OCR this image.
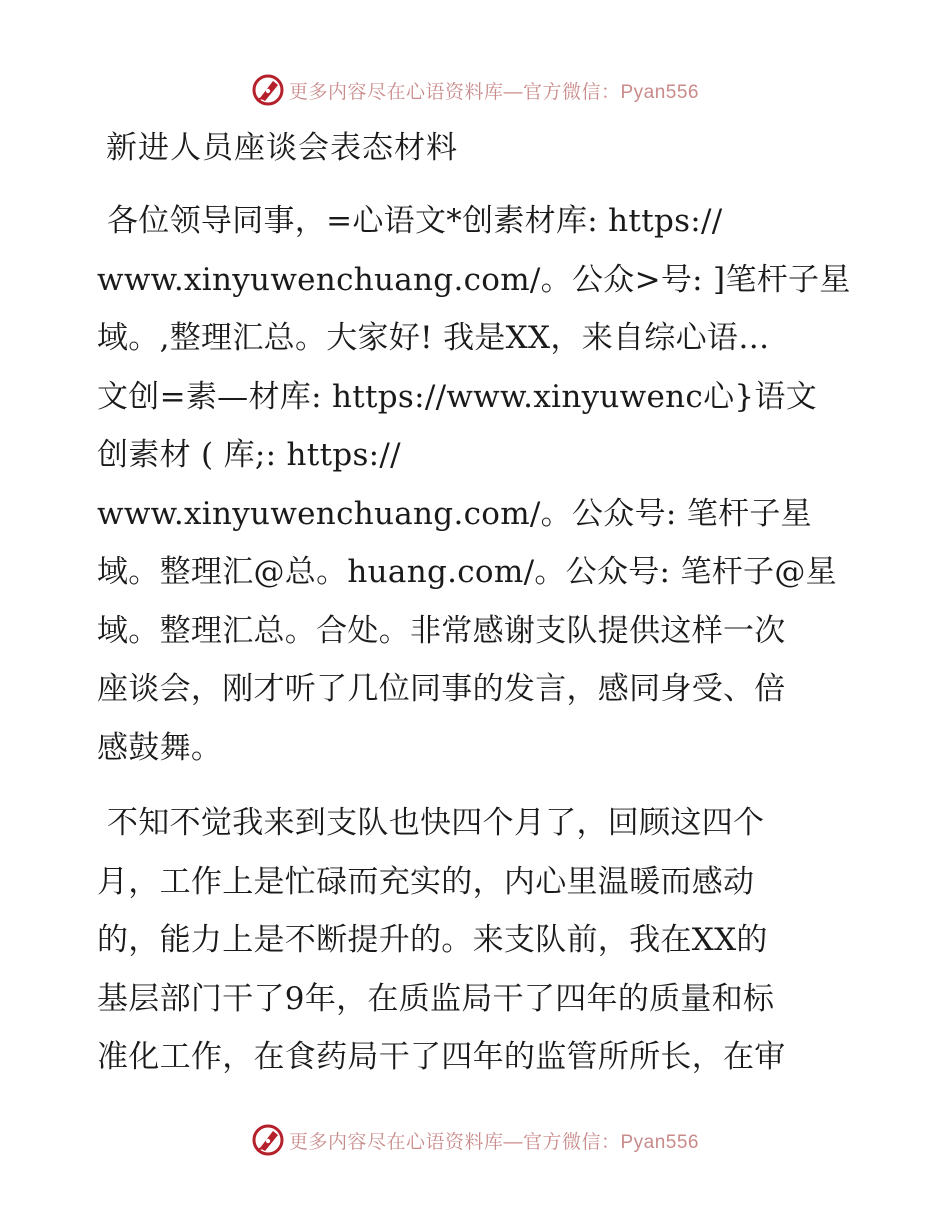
更多内容尽在心语资料库—官方微信：Pyan556
新进人员座谈会表态材料
各位领导同事，=心语文*创素材库: https://
www.xinyuwenchuang.com/。公众>号: ]笔杆子星
域。,整理汇总。大家好! 我是XX，来自综心语…
文创=素—材库: https://www.xinyuwenc心}语文
创素材 ( 库;: https://
www.xinyuwenchuang.com/。公众号: 笔杆子星
域。整理汇@总。huang.com/。公众号: 笔杆子@星
域。整理汇总。合处。非常感谢支队提供这样一次
座谈会，刚才听了几位同事的发言，感同身受、倍
感鼓舞。
不知不觉我来到支队也快四个月了，回顾这四个
月，工作上是忙碌而充实的，内心里温暖而感动
的，能力上是不断提升的。来支队前，我在XX的
基层部门干了9年，在质监局干了四年的质量和标
准化工作，在食药局干了四年的监管所所长，在审
更多内容尽在心语资料库—官方微信：Pyan556
